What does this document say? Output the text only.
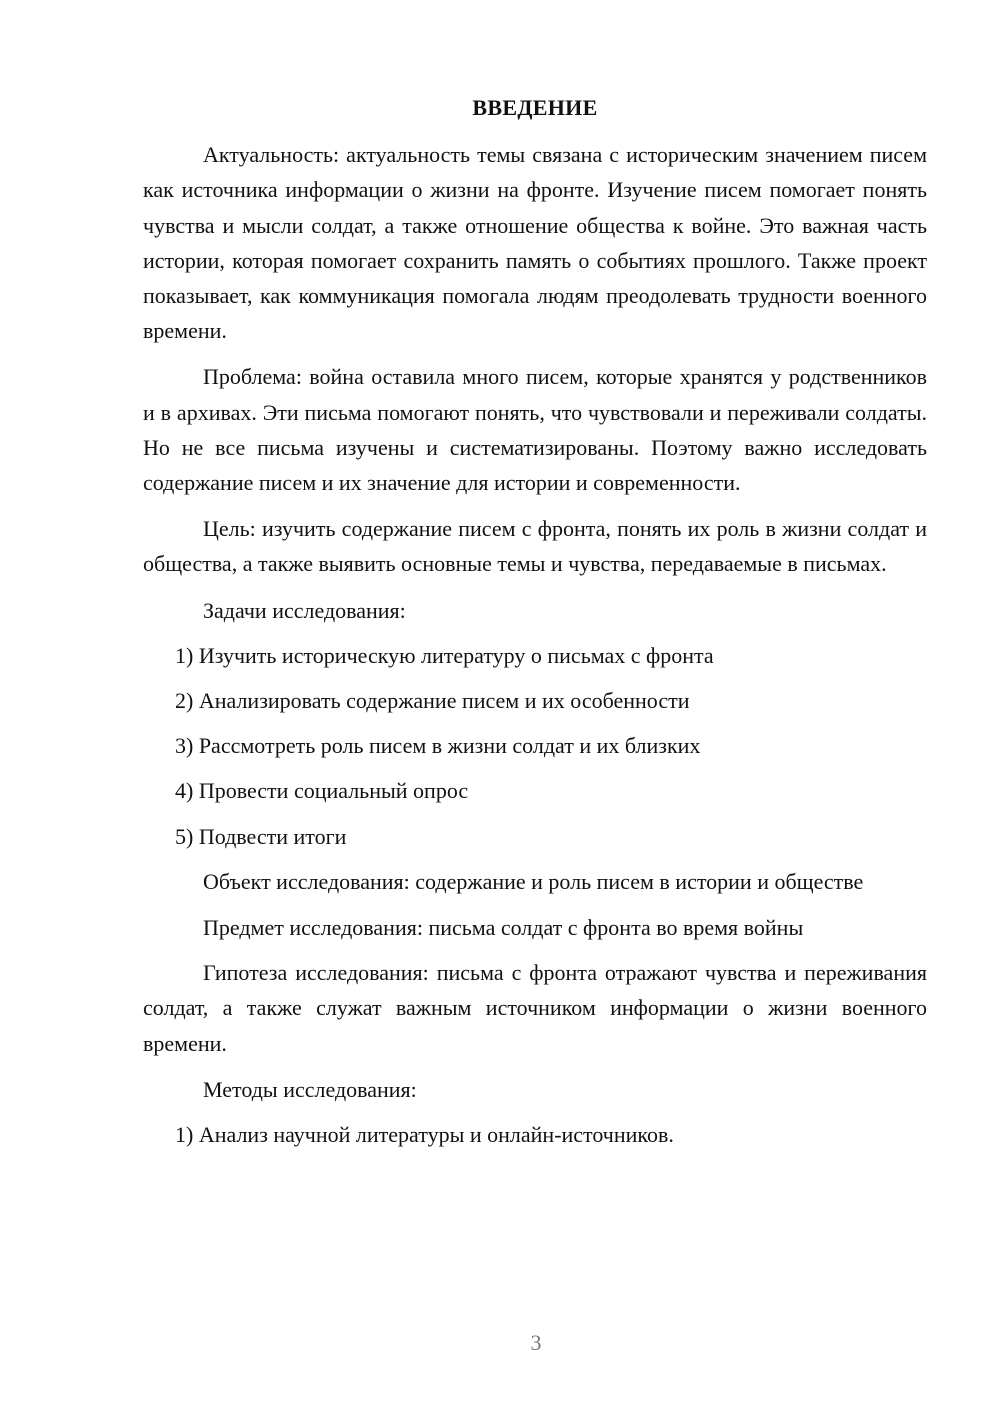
ВВЕДЕНИЕ

Актуальность: актуальность темы связана с историческим значением писем как источника информации о жизни на фронте. Изучение писем помогает понять чувства и мысли солдат, а также отношение общества к войне. Это важная часть истории, которая помогает сохранить память о событиях прошлого. Также проект показывает, как коммуникация помогала людям преодолевать трудности военного времени.

Проблема: война оставила много писем, которые хранятся у родственников и в архивах. Эти письма помогают понять, что чувствовали и переживали солдаты. Но не все письма изучены и систематизированы. Поэтому важно исследовать содержание писем и их значение для истории и современности.

Цель: изучить содержание писем с фронта, понять их роль в жизни солдат и общества, а также выявить основные темы и чувства, передаваемые в письмах.

Задачи исследования:

1) Изучить историческую литературу о письмах с фронта
2) Анализировать содержание писем и их особенности
3) Рассмотреть роль писем в жизни солдат и их близких
4) Провести социальный опрос
5) Подвести итоги

Объект исследования: содержание и роль писем в истории и обществе

Предмет исследования: письма солдат с фронта во время войны

Гипотеза исследования: письма с фронта отражают чувства и переживания солдат, а также служат важным источником информации о жизни военного времени.

Методы исследования:

1) Анализ научной литературы и онлайн-источников.
3
